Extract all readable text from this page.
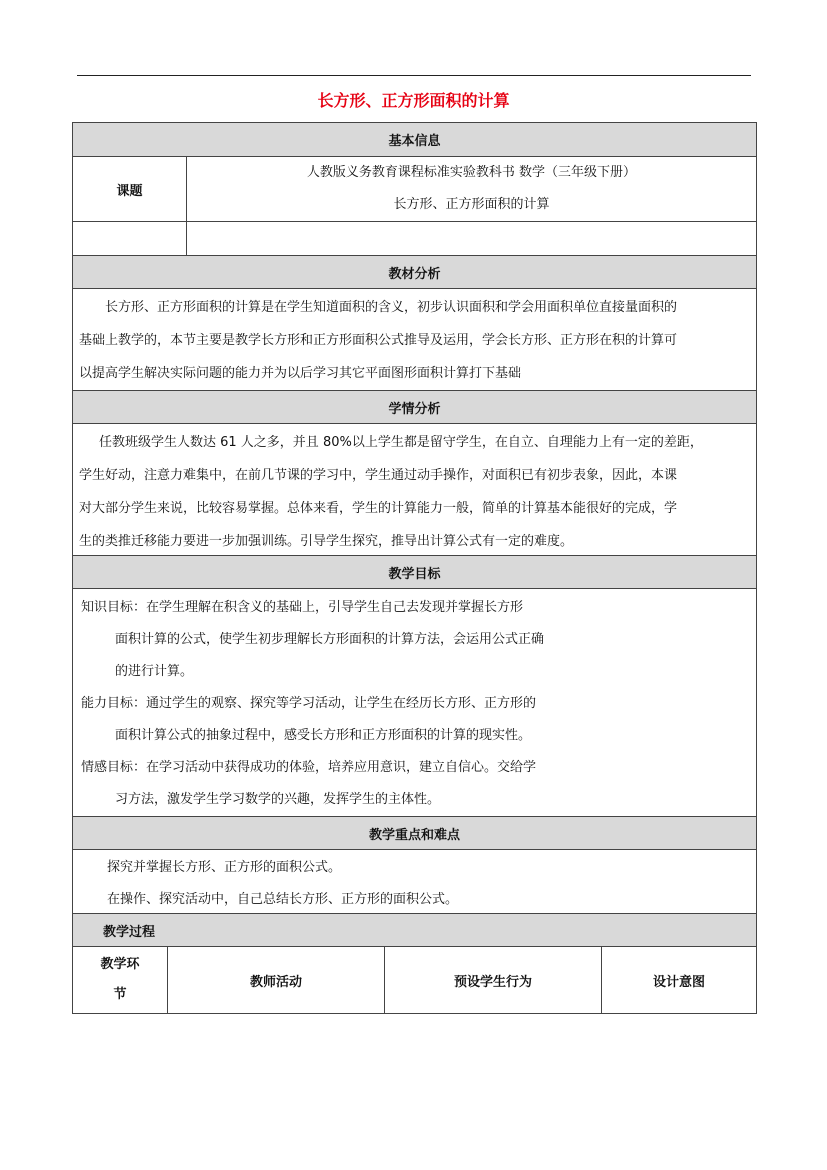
长方形、正方形面积的计算
基本信息
课题
人教版义务教育课程标准实验教科书 数学（三年级下册）
长方形、正方形面积的计算
教材分析

长方形、正方形面积的计算是在学生知道面积的含义，初步认识面积和学会用面积单位直接量面积的

基础上教学的，本节主要是教学长方形和正方形面积公式推导及运用，学会长方形、正方形在积的计算可

以提高学生解决实际问题的能力并为以后学习其它平面图形面积计算打下基础

学情分析

任教班级学生人数达 61 人之多，并且 80%以上学生都是留守学生，在自立、自理能力上有一定的差距，

学生好动，注意力难集中，在前几节课的学习中，学生通过动手操作，对面积已有初步表象，因此，本课

对大部分学生来说，比较容易掌握。总体来看，学生的计算能力一般，简单的计算基本能很好的完成，学

生的类推迁移能力要进一步加强训练。引导学生探究，推导出计算公式有一定的难度。

教学目标

知识目标：在学生理解在积含义的基础上，引导学生自己去发现并掌握长方形

面积计算的公式，使学生初步理解长方形面积的计算方法，会运用公式正确

的进行计算。

能力目标：通过学生的观察、探究等学习活动，让学生在经历长方形、正方形的

面积计算公式的抽象过程中，感受长方形和正方形面积的计算的现实性。

情感目标：在学习活动中获得成功的体验，培养应用意识，建立自信心。交给学

习方法，激发学生学习数学的兴趣，发挥学生的主体性。

教学重点和难点

探究并掌握长方形、正方形的面积公式。

在操作、探究活动中，自己总结长方形、正方形的面积公式。

教学过程
教学环
节
教师活动	预设学生行为	设计意图
